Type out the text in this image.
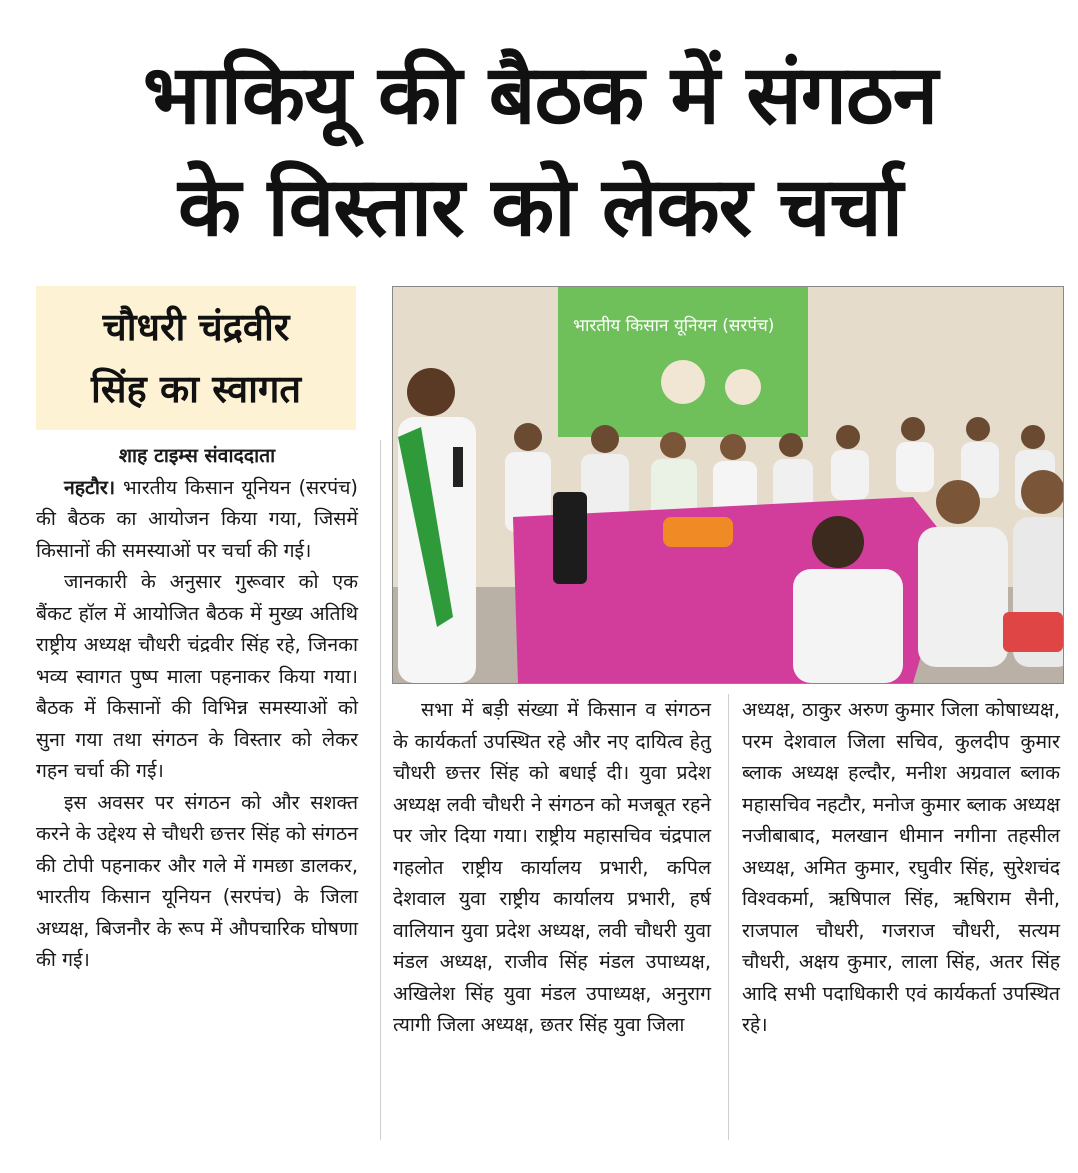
भाकियू की बैठक में संगठन
के विस्तार को लेकर चर्चा
चौधरी चंद्रवीर
सिंह का स्वागत
भारतीय किसान यूनियन (सरपंच)
शाह टाइम्स संवाददाता

नहटौर। भारतीय किसान यूनियन (सरपंच) की बैठक का आयोजन किया गया, जिसमें किसानों की समस्याओं पर चर्चा की गई।

जानकारी के अनुसार गुरूवार को एक बैंकट हॉल में आयोजित बैठक में मुख्य अतिथि राष्ट्रीय अध्यक्ष चौधरी चंद्रवीर सिंह रहे, जिनका भव्य स्वागत पुष्प माला पहनाकर किया गया। बैठक में किसानों की विभिन्न समस्याओं को सुना गया तथा संगठन के विस्तार को लेकर गहन चर्चा की गई।

इस अवसर पर संगठन को और सशक्त करने के उद्देश्य से चौधरी छत्तर सिंह को संगठन की टोपी पहनाकर और गले में गमछा डालकर, भारतीय किसान यूनियन (सरपंच) के जिला अध्यक्ष, बिजनौर के रूप में औपचारिक घोषणा की गई।

सभा में बड़ी संख्या में किसान व संगठन के कार्यकर्ता उपस्थित रहे और नए दायित्व हेतु चौधरी छत्तर सिंह को बधाई दी। युवा प्रदेश अध्यक्ष लवी चौधरी ने संगठन को मजबूत रहने पर जोर दिया गया। राष्ट्रीय महासचिव चंद्रपाल गहलोत राष्ट्रीय कार्यालय प्रभारी, कपिल देशवाल युवा राष्ट्रीय कार्यालय प्रभारी, हर्ष वालियान युवा प्रदेश अध्यक्ष, लवी चौधरी युवा मंडल अध्यक्ष, राजीव सिंह मंडल उपाध्यक्ष, अखिलेश सिंह युवा मंडल उपाध्यक्ष, अनुराग त्यागी जिला अध्यक्ष, छतर सिंह युवा जिला

अध्यक्ष, ठाकुर अरुण कुमार जिला कोषाध्यक्ष, परम देशवाल जिला सचिव, कुलदीप कुमार ब्लाक अध्यक्ष हल्दौर, मनीश अग्रवाल ब्लाक महासचिव नहटौर, मनोज कुमार ब्लाक अध्यक्ष नजीबाबाद, मलखान धीमान नगीना तहसील अध्यक्ष, अमित कुमार, रघुवीर सिंह, सुरेशचंद विश्वकर्मा, ऋषिपाल सिंह, ऋषिराम सैनी, राजपाल चौधरी, गजराज चौधरी, सत्यम चौधरी, अक्षय कुमार, लाला सिंह, अतर सिंह आदि सभी पदाधिकारी एवं कार्यकर्ता उपस्थित रहे।
